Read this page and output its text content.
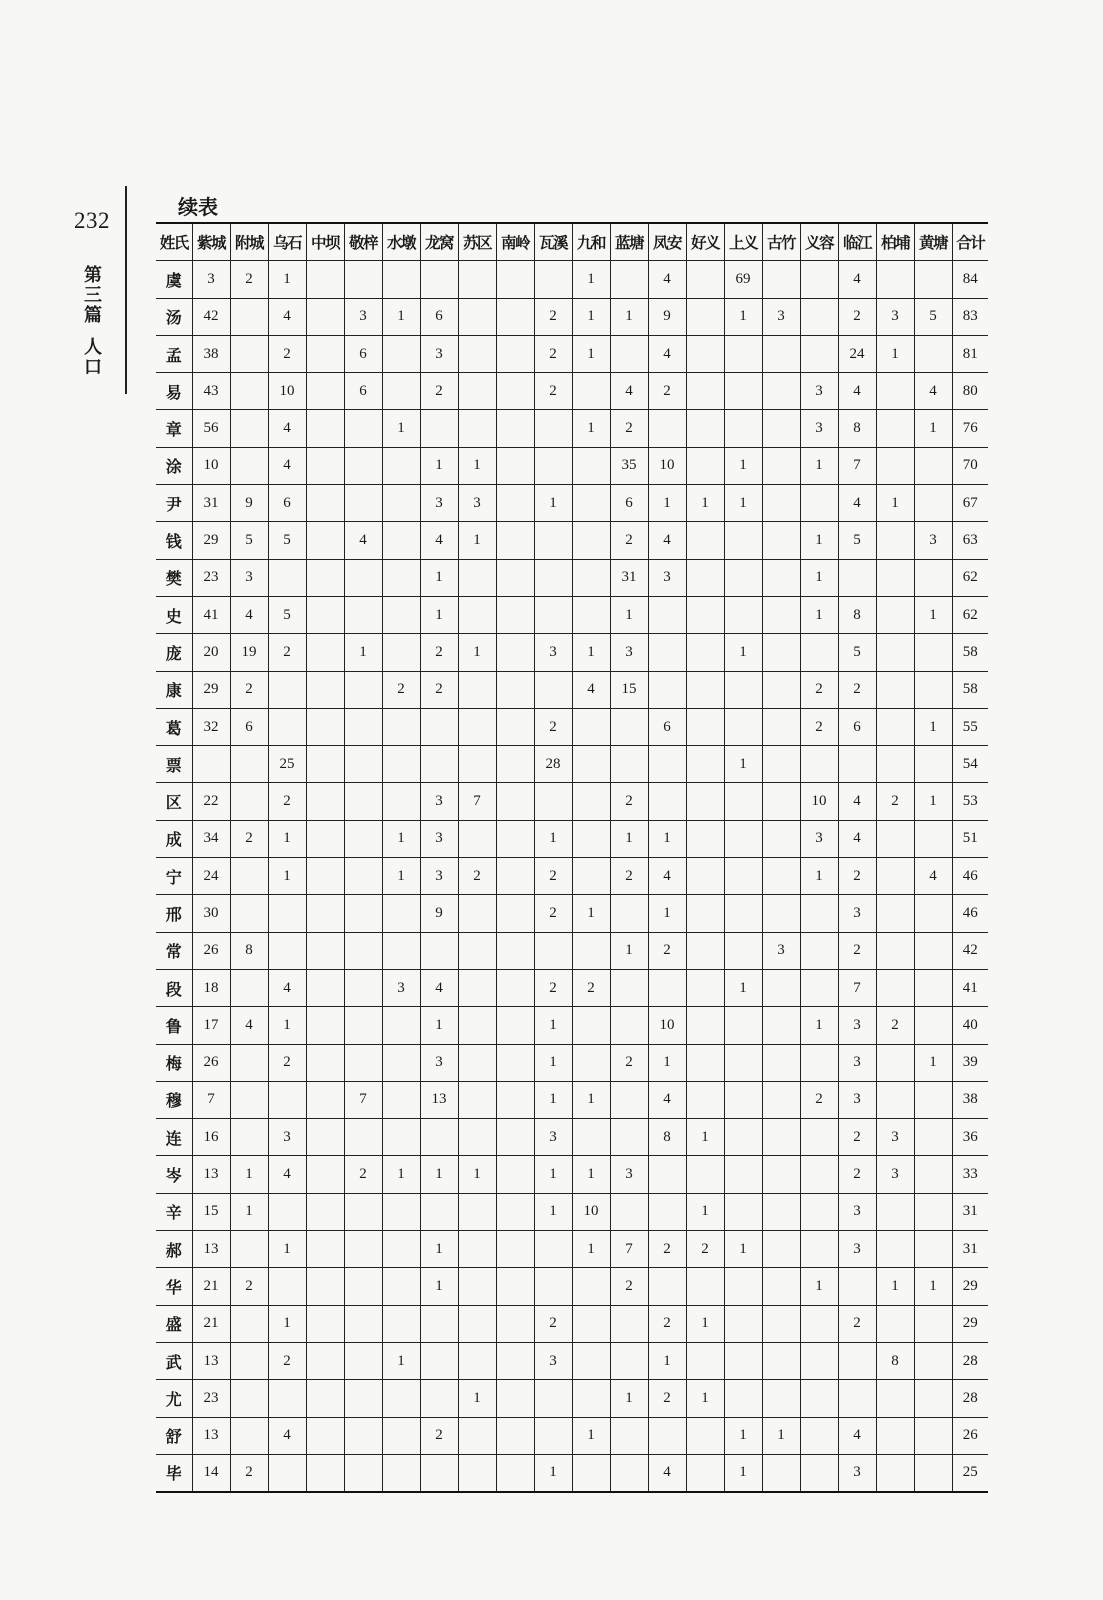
232
第
三
篇
人
口
续表
姓氏	紫城	附城	乌石	中坝	敬梓	水墩	龙窝	苏区	南岭	瓦溪	九和	蓝塘	凤安	好义	上义	古竹	义容	临江	柏埔	黄塘	合计
虞	3	2	1								1		4		69			4			84
汤	42		4		3	1	6			2	1	1	9		1	3		2	3	5	83
孟	38		2		6		3			2	1		4					24	1		81
易	43		10		6		2			2		4	2				3	4		4	80
章	56		4			1					1	2					3	8		1	76
涂	10		4				1	1				35	10		1		1	7			70
尹	31	9	6				3	3		1		6	1	1	1			4	1		67
钱	29	5	5		4		4	1				2	4				1	5		3	63
樊	23	3					1					31	3				1				62
史	41	4	5				1					1					1	8		1	62
庞	20	19	2		1		2	1		3	1	3			1			5			58
康	29	2				2	2				4	15					2	2			58
葛	32	6								2			6				2	6		1	55
票			25							28					1						54
区	22		2				3	7				2					10	4	2	1	53
成	34	2	1			1	3			1		1	1				3	4			51
宁	24		1			1	3	2		2		2	4				1	2		4	46
邢	30						9			2	1		1					3			46
常	26	8										1	2			3		2			42
段	18		4			3	4			2	2				1			7			41
鲁	17	4	1				1			1			10				1	3	2		40
梅	26		2				3			1		2	1					3		1	39
穆	7				7		13			1	1		4				2	3			38
连	16		3							3			8	1				2	3		36
岑	13	1	4		2	1	1	1		1	1	3						2	3		33
辛	15	1								1	10			1				3			31
郝	13		1				1				1	7	2	2	1			3			31
华	21	2					1					2					1		1	1	29
盛	21		1							2			2	1				2			29
武	13		2			1				3			1						8		28
尤	23							1				1	2	1							28
舒	13		4				2				1				1	1		4			26
毕	14	2								1			4		1			3			25
